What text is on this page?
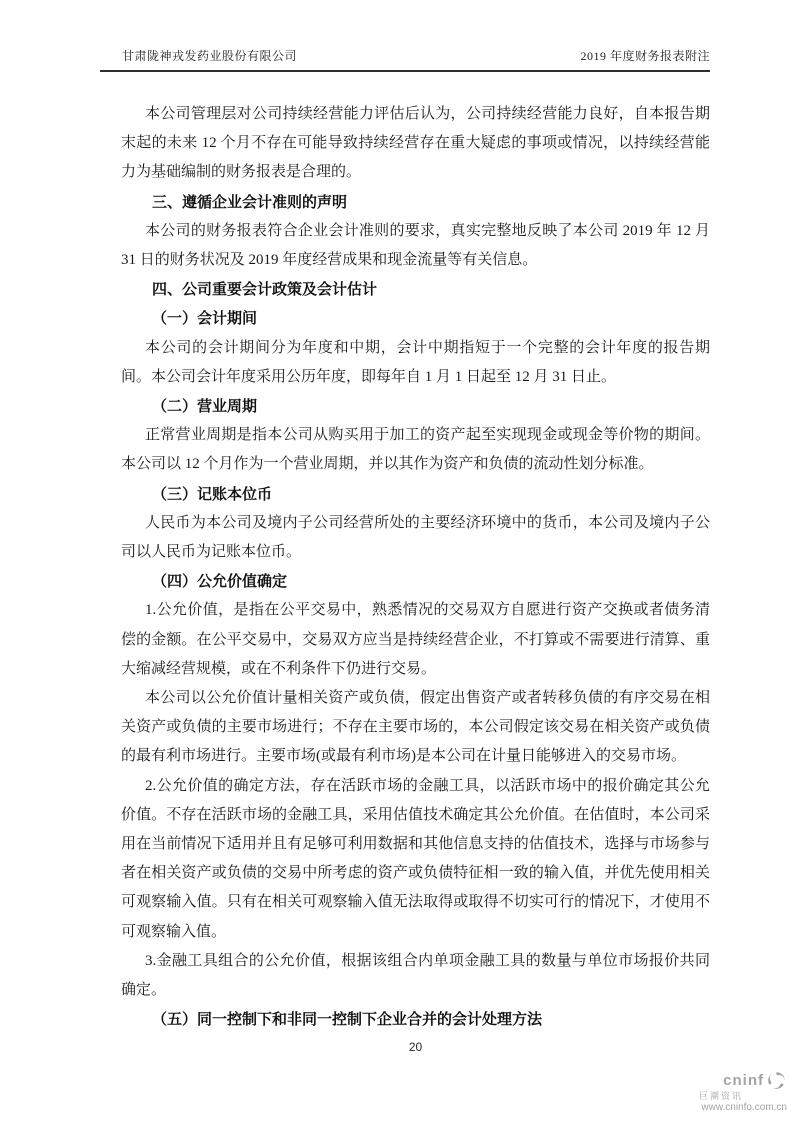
甘肃陇神戎发药业股份有限公司	2019 年度财务报表附注

本公司管理层对公司持续经营能力评估后认为，公司持续经营能力良好，自本报告期末起的未来 12 个月不存在可能导致持续经营存在重大疑虑的事项或情况，以持续经营能力为基础编制的财务报表是合理的。

三、遵循企业会计准则的声明

本公司的财务报表符合企业会计准则的要求，真实完整地反映了本公司 2019 年 12 月 31 日的财务状况及 2019 年度经营成果和现金流量等有关信息。

四、公司重要会计政策及会计估计
（一）会计期间

本公司的会计期间分为年度和中期，会计中期指短于一个完整的会计年度的报告期间。本公司会计年度采用公历年度，即每年自 1 月 1 日起至 12 月 31 日止。

（二）营业周期

正常营业周期是指本公司从购买用于加工的资产起至实现现金或现金等价物的期间。本公司以 12 个月作为一个营业周期，并以其作为资产和负债的流动性划分标准。

（三）记账本位币

人民币为本公司及境内子公司经营所处的主要经济环境中的货币，本公司及境内子公司以人民币为记账本位币。

（四）公允价值确定

1.公允价值，是指在公平交易中，熟悉情况的交易双方自愿进行资产交换或者债务清偿的金额。在公平交易中，交易双方应当是持续经营企业，不打算或不需要进行清算、重大缩减经营规模，或在不利条件下仍进行交易。

本公司以公允价值计量相关资产或负债，假定出售资产或者转移负债的有序交易在相关资产或负债的主要市场进行；不存在主要市场的，本公司假定该交易在相关资产或负债的最有利市场进行。主要市场(或最有利市场)是本公司在计量日能够进入的交易市场。

2.公允价值的确定方法，存在活跃市场的金融工具，以活跃市场中的报价确定其公允价值。不存在活跃市场的金融工具，采用估值技术确定其公允价值。在估值时，本公司采用在当前情况下适用并且有足够可利用数据和其他信息支持的估值技术，选择与市场参与者在相关资产或负债的交易中所考虑的资产或负债特征相一致的输入值，并优先使用相关可观察输入值。只有在相关可观察输入值无法取得或取得不切实可行的情况下，才使用不可观察输入值。

3.金融工具组合的公允价值，根据该组合内单项金融工具的数量与单位市场报价共同确定。

（五）同一控制下和非同一控制下企业合并的会计处理方法
20
cninf
巨潮资讯
www.cninfo.com.cn
